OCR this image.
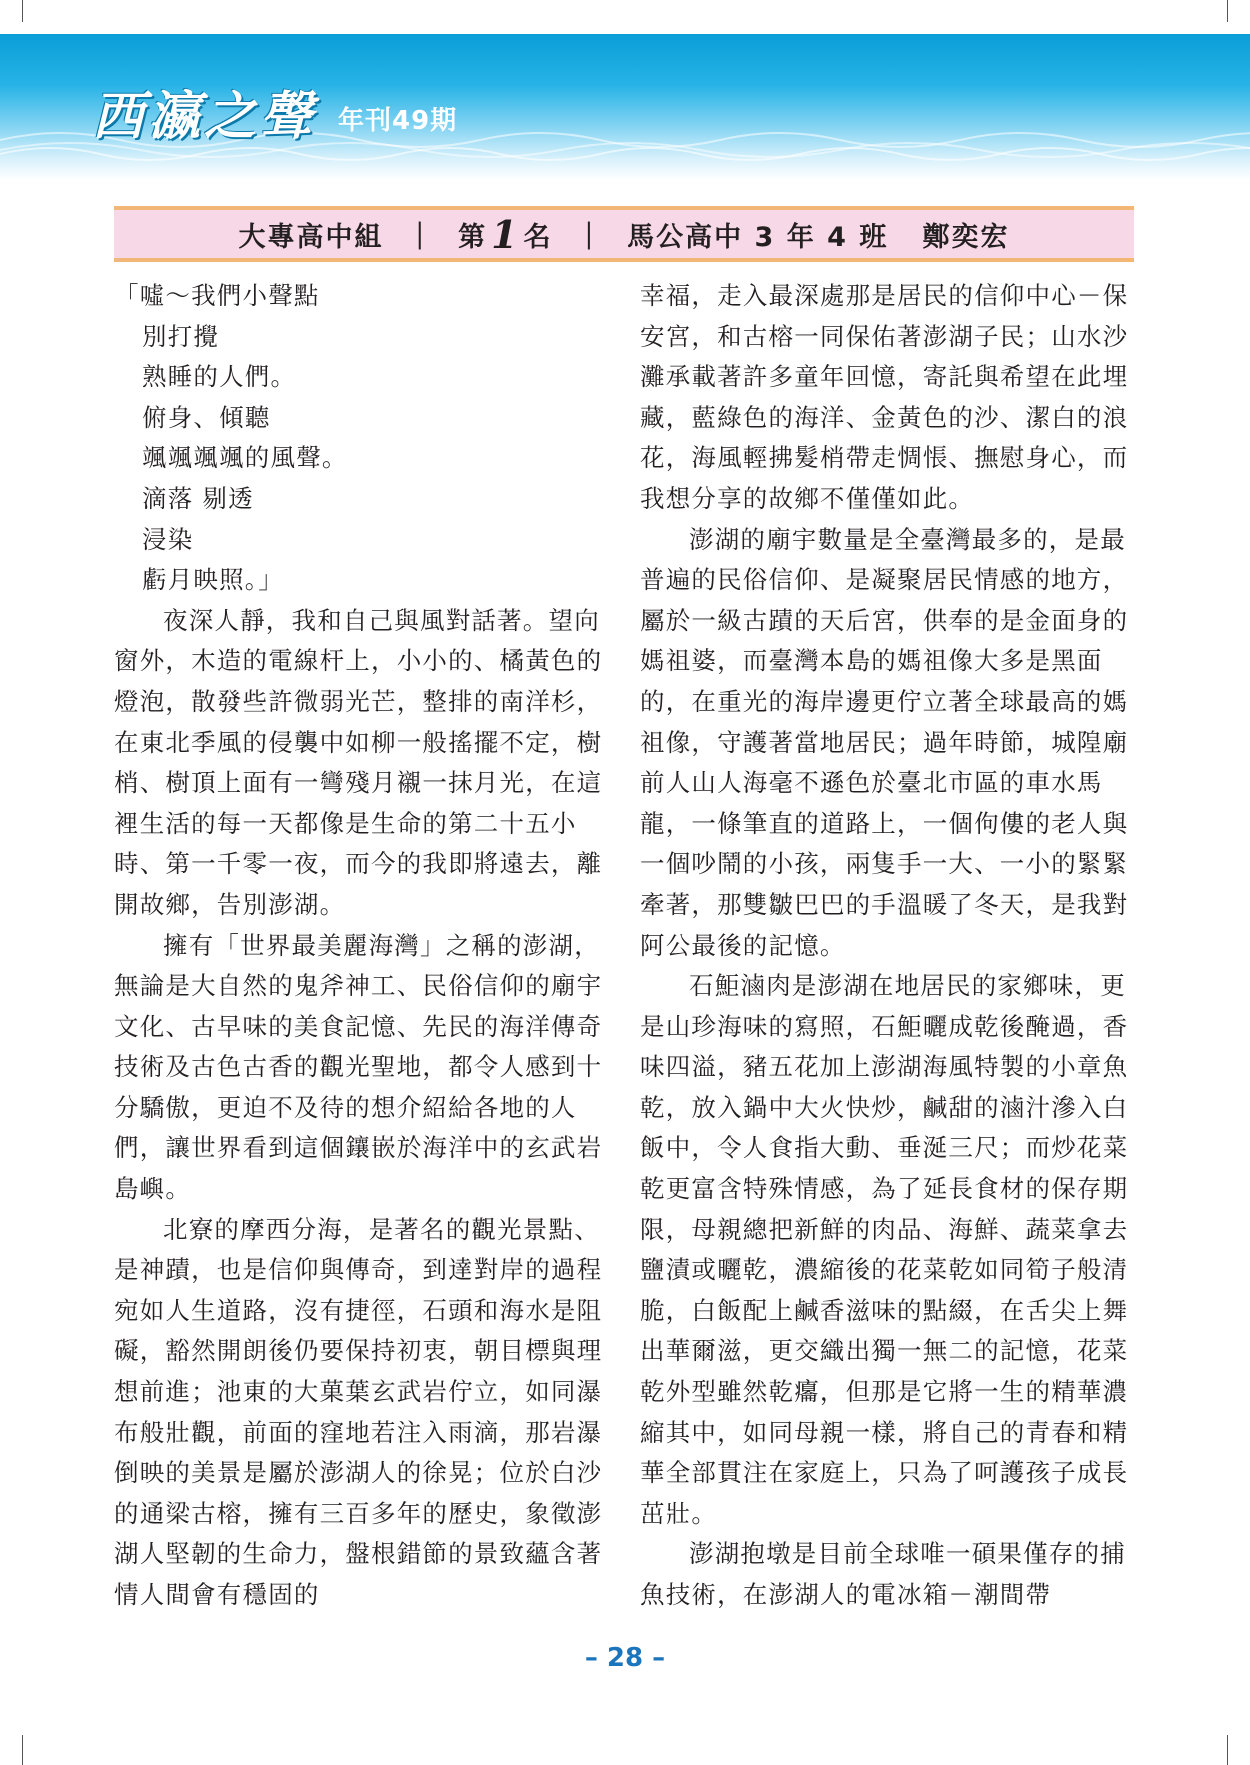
西瀛之聲 年刊49期
大專高中組 ｜ 第 1 名 ｜ 馬公高中 3 年 4 班
鄭奕宏

「噓～我們小聲點

別打攪

熟睡的人們。

俯身、傾聽

颯颯颯颯的風聲。

滴落 剔透

浸染

虧月映照。」

夜深人靜，我和自己與風對話著。望向窗外，木造的電線杆上，小小的、橘黃色的燈泡，散發些許微弱光芒，整排的南洋杉，在東北季風的侵襲中如柳一般搖擺不定，樹梢、樹頂上面有一彎殘月襯一抹月光，在這裡生活的每一天都像是生命的第二十五小時、第一千零一夜，而今的我即將遠去，離開故鄉，告別澎湖。

擁有「世界最美麗海灣」之稱的澎湖，無論是大自然的鬼斧神工、民俗信仰的廟宇文化、古早味的美食記憶、先民的海洋傳奇技術及古色古香的觀光聖地，都令人感到十分驕傲，更迫不及待的想介紹給各地的人們，讓世界看到這個鑲嵌於海洋中的玄武岩島嶼。

北寮的摩西分海，是著名的觀光景點、是神蹟，也是信仰與傳奇，到達對岸的過程宛如人生道路，沒有捷徑，石頭和海水是阻礙，豁然開朗後仍要保持初衷，朝目標與理想前進；池東的大菓葉玄武岩佇立，如同瀑布般壯觀，前面的窪地若注入雨滴，那岩瀑倒映的美景是屬於澎湖人的徐晃；位於白沙的通梁古榕，擁有三百多年的歷史，象徵澎湖人堅韌的生命力，盤根錯節的景致蘊含著情人間會有穩固的

幸福，走入最深處那是居民的信仰中心－保安宮，和古榕一同保佑著澎湖子民；山水沙灘承載著許多童年回憶，寄託與希望在此埋藏，藍綠色的海洋、金黃色的沙、潔白的浪花，海風輕拂髮梢帶走惆悵、撫慰身心，而我想分享的故鄉不僅僅如此。

澎湖的廟宇數量是全臺灣最多的，是最普遍的民俗信仰、是凝聚居民情感的地方，屬於一級古蹟的天后宮，供奉的是金面身的媽祖婆，而臺灣本島的媽祖像大多是黑面的，在重光的海岸邊更佇立著全球最高的媽祖像，守護著當地居民；過年時節，城隍廟前人山人海毫不遜色於臺北市區的車水馬龍，一條筆直的道路上，一個佝僂的老人與一個吵鬧的小孩，兩隻手一大、一小的緊緊牽著，那雙皺巴巴的手溫暖了冬天，是我對阿公最後的記憶。

石鮔滷肉是澎湖在地居民的家鄉味，更是山珍海味的寫照，石鮔曬成乾後醃過，香味四溢，豬五花加上澎湖海風特製的小章魚乾，放入鍋中大火快炒，鹹甜的滷汁滲入白飯中，令人食指大動、垂涎三尺；而炒花菜乾更富含特殊情感，為了延長食材的保存期限，母親總把新鮮的肉品、海鮮、蔬菜拿去鹽漬或曬乾，濃縮後的花菜乾如同筍子般清脆，白飯配上鹹香滋味的點綴，在舌尖上舞出華爾滋，更交織出獨一無二的記憶，花菜乾外型雖然乾癟，但那是它將一生的精華濃縮其中，如同母親一樣，將自己的青春和精華全部貫注在家庭上，只為了呵護孩子成長茁壯。

澎湖抱墩是目前全球唯一碩果僅存的捕魚技術，在澎湖人的電冰箱－潮間帶

– 28 –
